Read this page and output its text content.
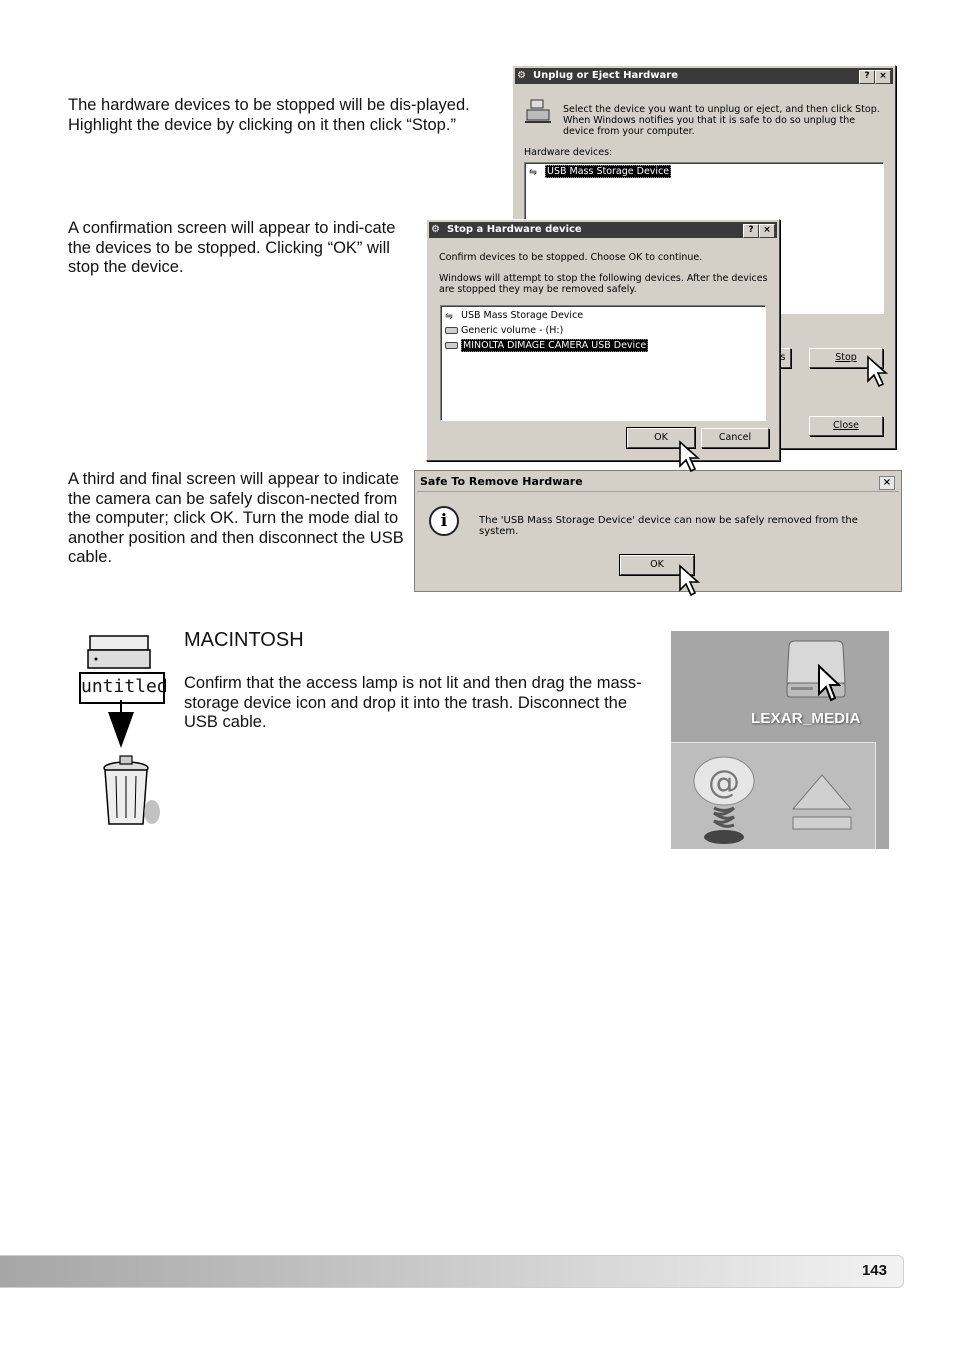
The hardware devices to be stopped will be dis-played. Highlight the device by clicking on it then click “Stop.”

A confirmation screen will appear to indi-cate the devices to be stopped. Clicking “OK” will stop the device.

A third and final screen will appear to indicate the camera can be safely discon-nected from the computer; click OK. Turn the mode dial to another position and then disconnect the USB cable.

⚙ Unplug or Eject Hardware	?	×
Select the device you want to unplug or eject, and then click Stop. When Windows notifies you that it is safe to do so unplug the device from your computer.
Hardware devices:
⇋ USB Mass Storage Device
s	Stop
Close
⚙ Stop a Hardware device	?	×
Confirm devices to be stopped. Choose OK to continue.
Windows will attempt to stop the following devices. After the devices are stopped they may be removed safely.
⇋ USB Mass Storage Device
Generic volume - (H:)
MINOLTA DIMAGE CAMERA USB Device
OK	Cancel
Safe To Remove Hardware	×
i	The 'USB Mass Storage Device' device can now be safely removed from the system.
OK
untitled
MACINTOSH

Confirm that the access lamp is not lit and then drag the mass-storage device icon and drop it into the trash. Disconnect the USB cable.	LEXAR_MEDIA
@
143
